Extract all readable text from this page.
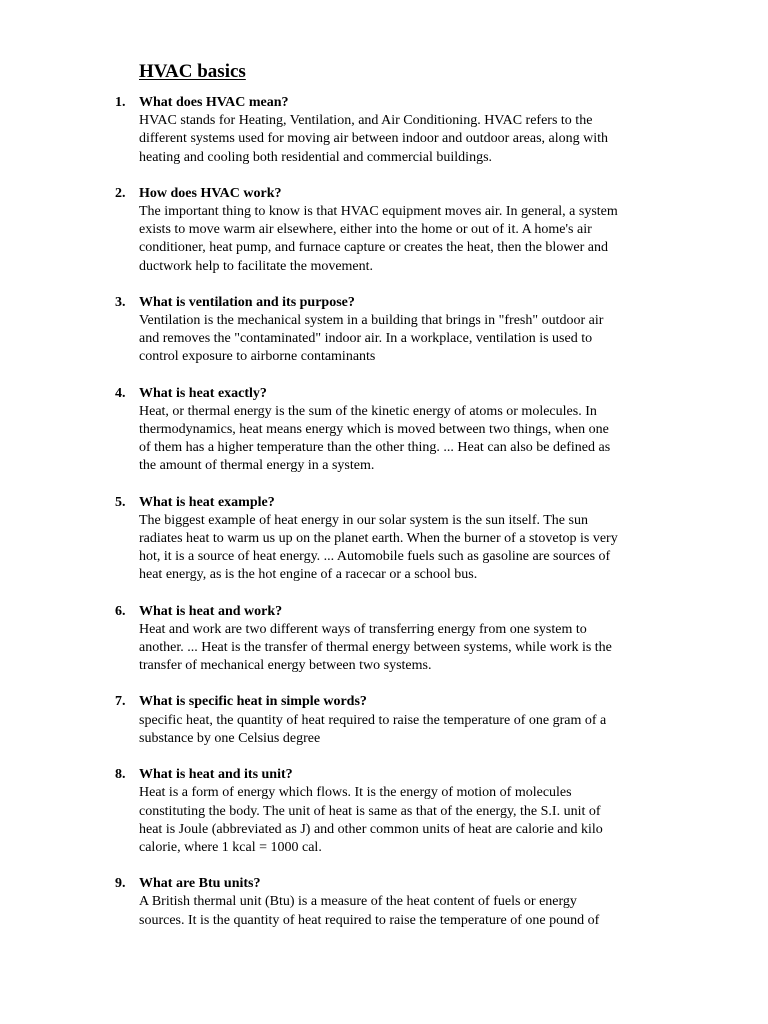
HVAC basics
1. What does HVAC mean?
HVAC stands for Heating, Ventilation, and Air Conditioning. HVAC refers to the
different systems used for moving air between indoor and outdoor areas, along with
heating and cooling both residential and commercial buildings.
2. How does HVAC work?
The important thing to know is that HVAC equipment moves air. In general, a system
exists to move warm air elsewhere, either into the home or out of it. A home's air
conditioner, heat pump, and furnace capture or creates the heat, then the blower and
ductwork help to facilitate the movement.
3. What is ventilation and its purpose?
Ventilation is the mechanical system in a building that brings in "fresh" outdoor air
and removes the "contaminated" indoor air. In a workplace, ventilation is used to
control exposure to airborne contaminants
4. What is heat exactly?
Heat, or thermal energy is the sum of the kinetic energy of atoms or molecules. In
thermodynamics, heat means energy which is moved between two things, when one
of them has a higher temperature than the other thing. ... Heat can also be defined as
the amount of thermal energy in a system.
5. What is heat example?
The biggest example of heat energy in our solar system is the sun itself. The sun
radiates heat to warm us up on the planet earth. When the burner of a stovetop is very
hot, it is a source of heat energy. ... Automobile fuels such as gasoline are sources of
heat energy, as is the hot engine of a racecar or a school bus.
6. What is heat and work?
Heat and work are two different ways of transferring energy from one system to
another. ... Heat is the transfer of thermal energy between systems, while work is the
transfer of mechanical energy between two systems.
7. What is specific heat in simple words?
specific heat, the quantity of heat required to raise the temperature of one gram of a
substance by one Celsius degree
8. What is heat and its unit?
Heat is a form of energy which flows. It is the energy of motion of molecules
constituting the body. The unit of heat is same as that of the energy, the S.I. unit of
heat is Joule (abbreviated as J) and other common units of heat are calorie and kilo
calorie, where 1 kcal = 1000 cal.
9. What are Btu units?
A British thermal unit (Btu) is a measure of the heat content of fuels or energy
sources. It is the quantity of heat required to raise the temperature of one pound of
